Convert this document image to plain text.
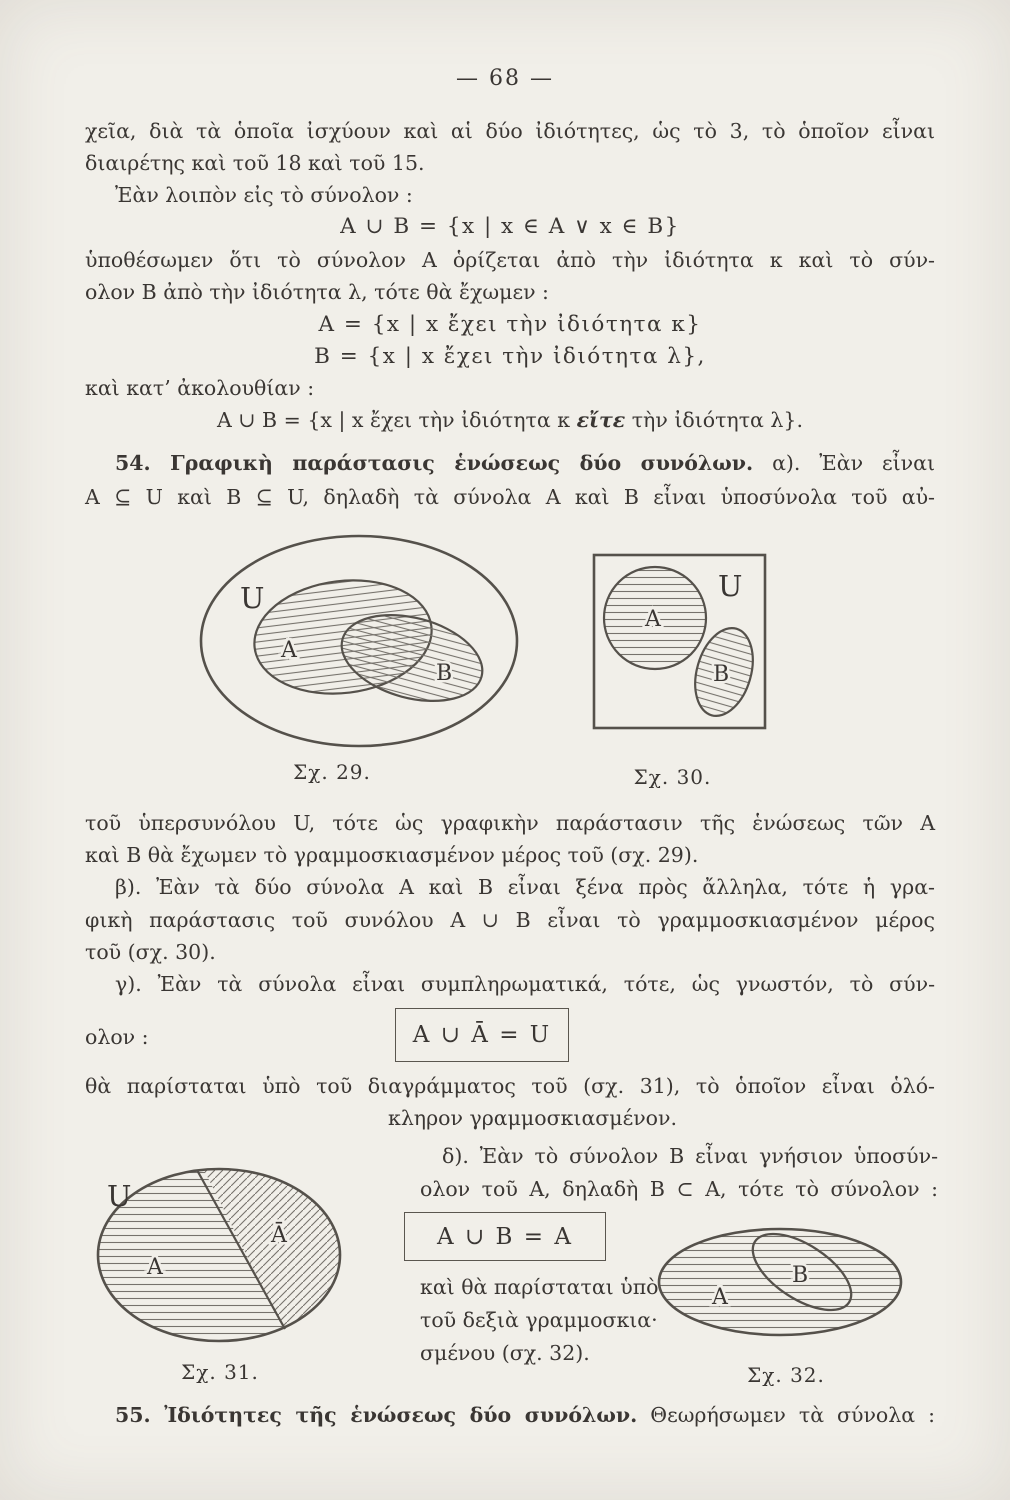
— 68 —
χεῖα, διὰ τὰ ὁποῖα ἰσχύουν καὶ αἱ δύο ἰδιότητες, ὡς τὸ 3, τὸ ὁποῖον εἶναι
διαιρέτης καὶ τοῦ 18 καὶ τοῦ 15.
Ἐὰν λοιπὸν εἰς τὸ σύνολον :
A ∪ B = {x | x ∈ A ∨ x ∈ B}
ὑποθέσωμεν ὅτι τὸ σύνολον A ὁρίζεται ἀπὸ τὴν ἰδιότητα κ καὶ τὸ σύν-
ολον B ἀπὸ τὴν ἰδιότητα λ, τότε θὰ ἔχωμεν :
A = {x | x ἔχει τὴν ἰδιότητα κ}
B = {x | x ἔχει τὴν ἰδιότητα λ},
καὶ κατ’ ἀκολουθίαν :
A ∪ B = {x | x ἔχει τὴν ἰδιότητα κ εἴτε τὴν ἰδιότητα λ}.
54. Γραφικὴ παράστασις ἑνώσεως δύο συνόλων. α). Ἐὰν εἶναι
A ⊆ U καὶ B ⊆ U, δηλαδὴ τὰ σύνολα A καὶ B εἶναι ὑποσύνολα τοῦ αὐ-
U
A
B
Σχ. 29.
U
A
B
Σχ. 30.
τοῦ ὑπερσυνόλου U, τότε ὡς γραφικὴν παράστασιν τῆς ἑνώσεως τῶν A
καὶ B θὰ ἔχωμεν τὸ γραμμοσκιασμένον μέρος τοῦ (σχ. 29).
β). Ἐὰν τὰ δύο σύνολα A καὶ B εἶναι ξένα πρὸς ἄλληλα, τότε ἡ γρα-
φικὴ παράστασις τοῦ συνόλου A ∪ B εἶναι τὸ γραμμοσκιασμένον μέρος
τοῦ (σχ. 30).
γ). Ἐὰν τὰ σύνολα εἶναι συμπληρωματικά, τότε, ὡς γνωστόν, τὸ σύν-
ολον :	A ∪ Ā = U
θὰ παρίσταται ὑπὸ τοῦ διαγράμματος τοῦ (σχ. 31), τὸ ὁποῖον εἶναι ὁλό-
κληρον γραμμοσκιασμένον.
U
A
Ā
Σχ. 31.
δ). Ἐὰν τὸ σύνολον B εἶναι γνήσιον ὑποσύν-
ολον τοῦ A, δηλαδὴ B ⊂ A, τότε τὸ σύνολον :
A ∪ B = A
καὶ θὰ παρίσταται ὑπὸ
τοῦ δεξιὰ γραμμοσκια·
σμένου (σχ. 32).
A
B
Σχ. 32.
55. Ἰδιότητες τῆς ἑνώσεως δύο συνόλων. Θεωρήσωμεν τὰ σύνολα :
